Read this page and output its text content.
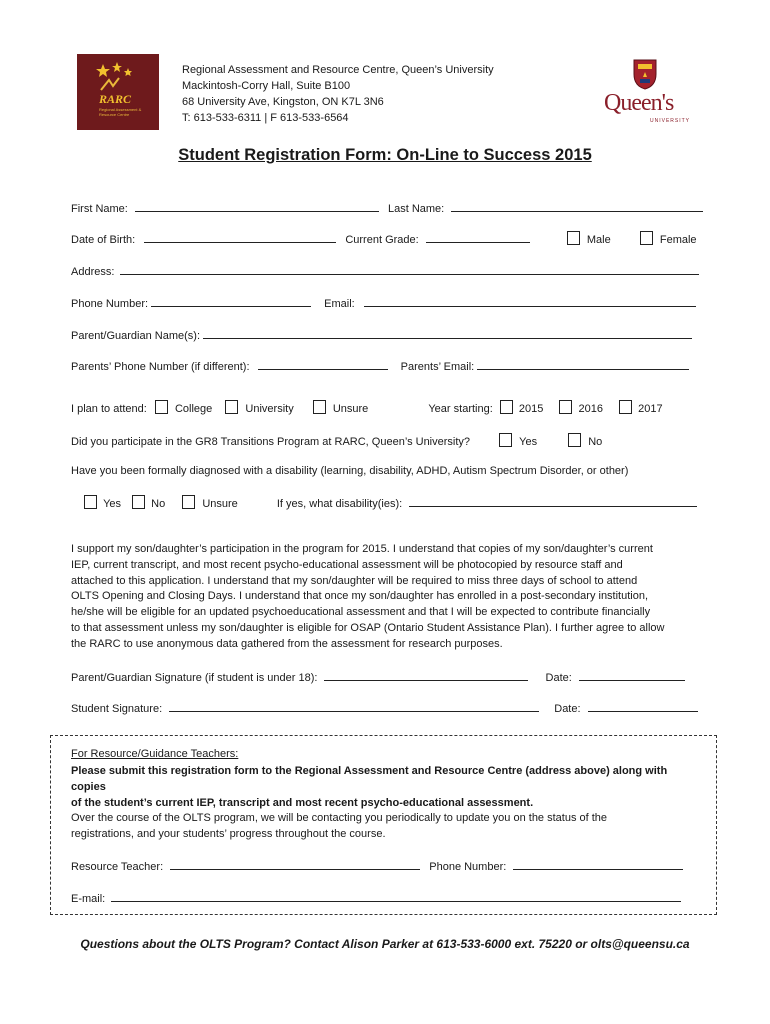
RARC
Regional Assessment & Resource Centre
Regional Assessment and Resource Centre, Queen’s University
Mackintosh-Corry Hall, Suite B100
68 University Ave, Kingston, ON K7L 3N6
T: 613-533-6311 | F 613-533-6564
Queen's
UNIVERSITY
Student Registration Form: On-Line to Success 2015
First Name:	Last Name:
Date of Birth:	Current Grade:	Male	Female
Address:
Phone Number:	Email:
Parent/Guardian Name(s):
Parents’ Phone Number (if different):	Parents’ Email:
I plan to attend:	College	University	Unsure	Year starting: 2015	2016	2017
Did you participate in the GR8 Transitions Program at RARC, Queen’s University?	Yes	No
Have you been formally diagnosed with a disability (learning, disability, ADHD, Autism Spectrum Disorder, or other)
Yes	No	Unsure	If yes, what disability(ies):
I support my son/daughter’s participation in the program for 2015. I understand that copies of my son/daughter’s current
IEP, current transcript, and most recent psycho-educational assessment will be photocopied by resource staff and
attached to this application. I understand that my son/daughter will be required to miss three days of school to attend
OLTS Opening and Closing Days. I understand that once my son/daughter has enrolled in a post-secondary institution,
he/she will be eligible for an updated psychoeducational assessment and that I will be expected to contribute financially
to that assessment unless my son/daughter is eligible for OSAP (Ontario Student Assistance Plan). I further agree to allow
the RARC to use anonymous data gathered from the assessment for research purposes.
Parent/Guardian Signature (if student is under 18):	Date:
Student Signature:	Date:
For Resource/Guidance Teachers:
Please submit this registration form to the Regional Assessment and Resource Centre (address above) along with copies
of the student’s current IEP, transcript and most recent psycho-educational assessment.
Over the course of the OLTS program, we will be contacting you periodically to update you on the status of the
registrations, and your students’ progress throughout the course.
Resource Teacher:	Phone Number:
E-mail:
Questions about the OLTS Program? Contact Alison Parker at 613-533-6000 ext. 75220 or olts@queensu.ca
